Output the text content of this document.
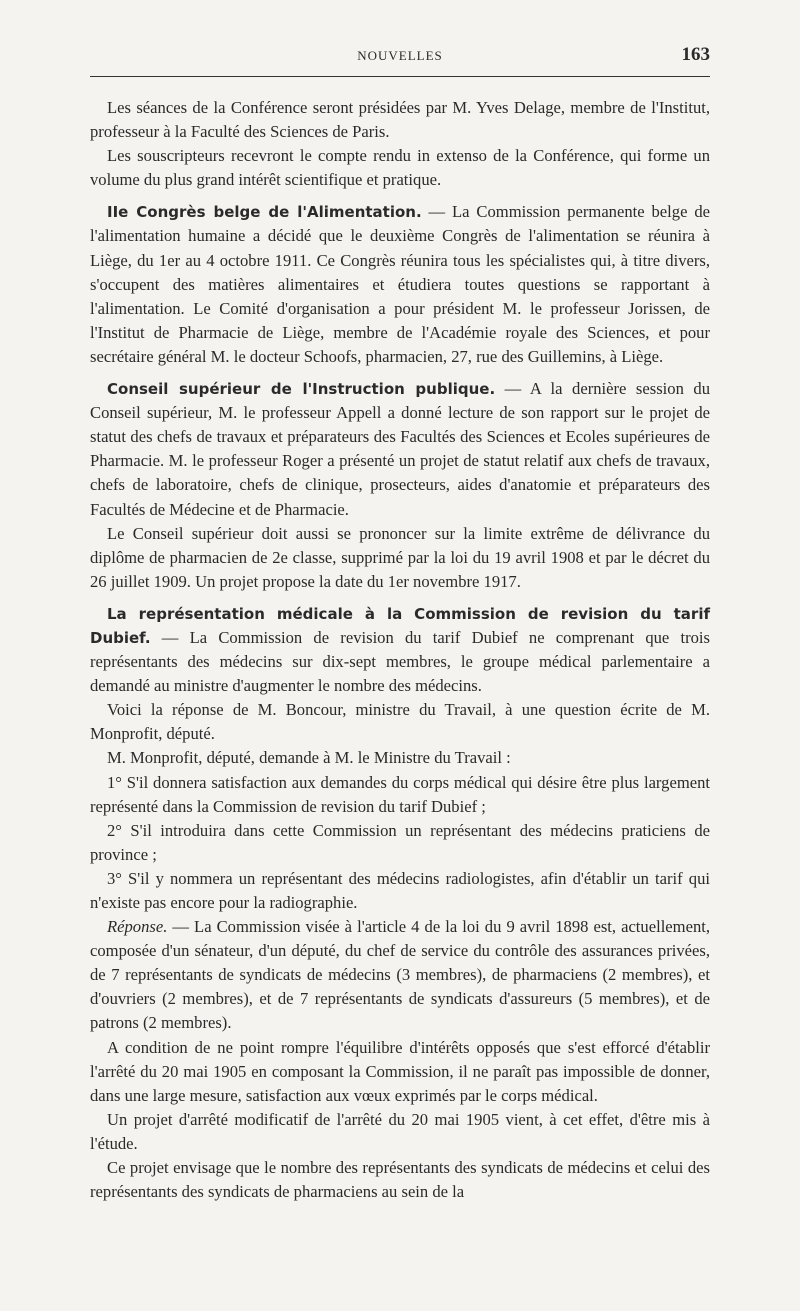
NOUVELLES	163

Les séances de la Conférence seront présidées par M. Yves Delage, membre de l'Institut, professeur à la Faculté des Sciences de Paris.

Les souscripteurs recevront le compte rendu in extenso de la Conférence, qui forme un volume du plus grand intérêt scientifique et pratique.

IIe Congrès belge de l'Alimentation. — La Commission permanente belge de l'alimentation humaine a décidé que le deuxième Congrès de l'alimentation se réunira à Liège, du 1er au 4 octobre 1911. Ce Congrès réunira tous les spécialistes qui, à titre divers, s'occupent des matières alimentaires et étudiera toutes questions se rapportant à l'alimentation. Le Comité d'organisation a pour président M. le professeur Jorissen, de l'Institut de Pharmacie de Liège, membre de l'Académie royale des Sciences, et pour secrétaire général M. le docteur Schoofs, pharmacien, 27, rue des Guillemins, à Liège.

Conseil supérieur de l'Instruction publique. — A la dernière session du Conseil supérieur, M. le professeur Appell a donné lecture de son rapport sur le projet de statut des chefs de travaux et préparateurs des Facultés des Sciences et Ecoles supérieures de Pharmacie. M. le professeur Roger a présenté un projet de statut relatif aux chefs de travaux, chefs de laboratoire, chefs de clinique, prosecteurs, aides d'anatomie et préparateurs des Facultés de Médecine et de Pharmacie.

Le Conseil supérieur doit aussi se prononcer sur la limite extrême de délivrance du diplôme de pharmacien de 2e classe, supprimé par la loi du 19 avril 1908 et par le décret du 26 juillet 1909. Un projet propose la date du 1er novembre 1917.

La représentation médicale à la Commission de revision du tarif Dubief. — La Commission de revision du tarif Dubief ne comprenant que trois représentants des médecins sur dix-sept membres, le groupe médical parlementaire a demandé au ministre d'augmenter le nombre des médecins.

Voici la réponse de M. Boncour, ministre du Travail, à une question écrite de M. Monprofit, député.

M. Monprofit, député, demande à M. le Ministre du Travail :

1° S'il donnera satisfaction aux demandes du corps médical qui désire être plus largement représenté dans la Commission de revision du tarif Dubief ;

2° S'il introduira dans cette Commission un représentant des médecins praticiens de province ;

3° S'il y nommera un représentant des médecins radiologistes, afin d'établir un tarif qui n'existe pas encore pour la radiographie.

Réponse. — La Commission visée à l'article 4 de la loi du 9 avril 1898 est, actuellement, composée d'un sénateur, d'un député, du chef de service du contrôle des assurances privées, de 7 représentants de syndicats de médecins (3 membres), de pharmaciens (2 membres), et d'ouvriers (2 membres), et de 7 représentants de syndicats d'assureurs (5 membres), et de patrons (2 membres).

A condition de ne point rompre l'équilibre d'intérêts opposés que s'est efforcé d'établir l'arrêté du 20 mai 1905 en composant la Commission, il ne paraît pas impossible de donner, dans une large mesure, satisfaction aux vœux exprimés par le corps médical.

Un projet d'arrêté modificatif de l'arrêté du 20 mai 1905 vient, à cet effet, d'être mis à l'étude.

Ce projet envisage que le nombre des représentants des syndicats de médecins et celui des représentants des syndicats de pharmaciens au sein de la
